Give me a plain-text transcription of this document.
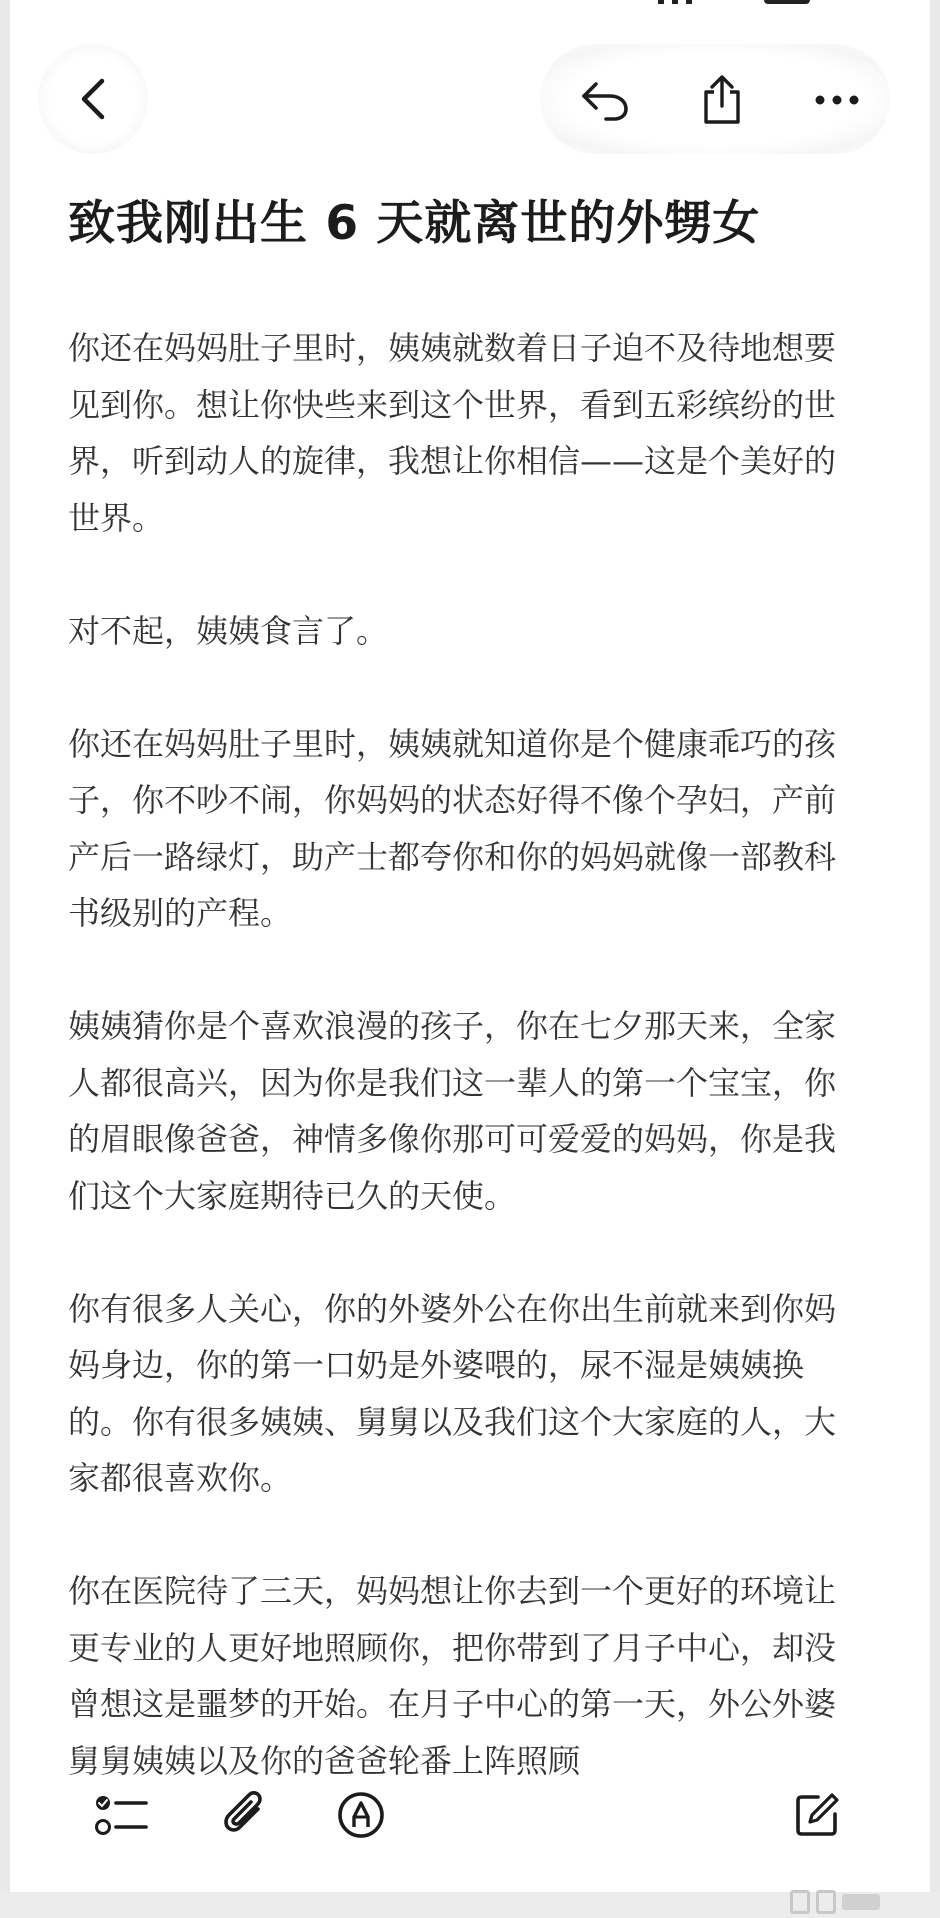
致我刚出生 6 天就离世的外甥女

你还在妈妈肚子里时，姨姨就数着日子迫不及待地想要见到你。想让你快些来到这个世界，看到五彩缤纷的世界，听到动人的旋律，我想让你相信——这是个美好的世界。

对不起，姨姨食言了。

你还在妈妈肚子里时，姨姨就知道你是个健康乖巧的孩子，你不吵不闹，你妈妈的状态好得不像个孕妇，产前产后一路绿灯，助产士都夸你和你的妈妈就像一部教科书级别的产程。

姨姨猜你是个喜欢浪漫的孩子，你在七夕那天来，全家人都很高兴，因为你是我们这一辈人的第一个宝宝，你的眉眼像爸爸，神情多像你那可可爱爱的妈妈，你是我们这个大家庭期待已久的天使。

你有很多人关心，你的外婆外公在你出生前就来到你妈妈身边，你的第一口奶是外婆喂的，尿不湿是姨姨换的。你有很多姨姨、舅舅以及我们这个大家庭的人，大家都很喜欢你。

你在医院待了三天，妈妈想让你去到一个更好的环境让更专业的人更好地照顾你，把你带到了月子中心，却没曾想这是噩梦的开始。在月子中心的第一天，外公外婆舅舅姨姨以及你的爸爸轮番上阵照顾
